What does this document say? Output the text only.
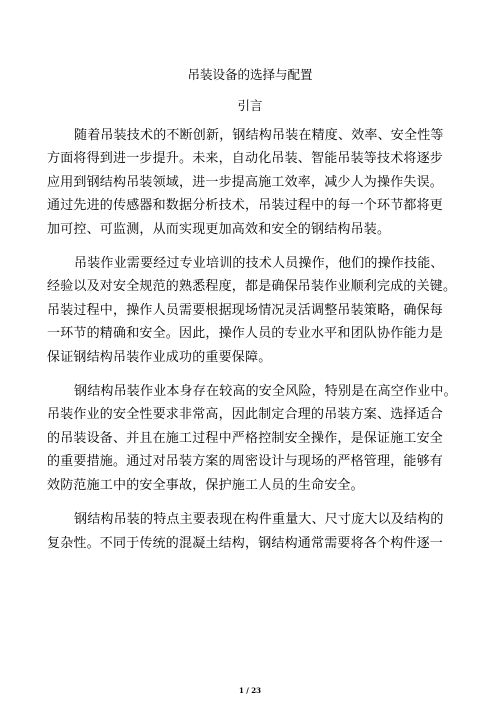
吊装设备的选择与配置
引言
随着吊装技术的不断创新，钢结构吊装在精度、效率、安全性等
方面将得到进一步提升。未来，自动化吊装、智能吊装等技术将逐步
应用到钢结构吊装领域，进一步提高施工效率，减少人为操作失误。
通过先进的传感器和数据分析技术，吊装过程中的每一个环节都将更
加可控、可监测，从而实现更加高效和安全的钢结构吊装。
吊装作业需要经过专业培训的技术人员操作，他们的操作技能、
经验以及对安全规范的熟悉程度，都是确保吊装作业顺利完成的关键。
吊装过程中，操作人员需要根据现场情况灵活调整吊装策略，确保每
一环节的精确和安全。因此，操作人员的专业水平和团队协作能力是
保证钢结构吊装作业成功的重要保障。
钢结构吊装作业本身存在较高的安全风险，特别是在高空作业中。
吊装作业的安全性要求非常高，因此制定合理的吊装方案、选择适合
的吊装设备、并且在施工过程中严格控制安全操作，是保证施工安全
的重要措施。通过对吊装方案的周密设计与现场的严格管理，能够有
效防范施工中的安全事故，保护施工人员的生命安全。
钢结构吊装的特点主要表现在构件重量大、尺寸庞大以及结构的
复杂性。不同于传统的混凝土结构，钢结构通常需要将各个构件逐一
1 / 23
